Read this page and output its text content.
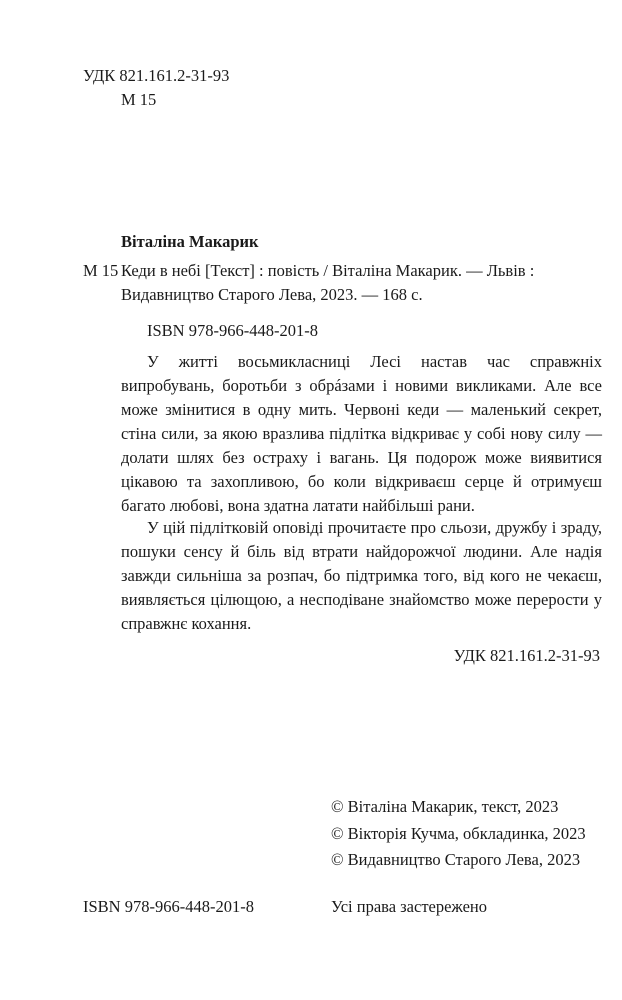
УДК 821.161.2-31-93
М 15
Віталіна Макарик
М 15 Кеди в небі [Текст] : повість / Віталіна Макарик. — Львів :
Видавництво Старого Лева, 2023. — 168 с.
ISBN 978-966-448-201-8

У житті восьмикласниці Лесі настав час справжніх випробувань, боротьби з обрáзами і новими викликами. Але все може змінитися в одну мить. Червоні кеди — маленький секрет, стіна сили, за якою вразлива підлітка відкриває у собі нову силу — долати шлях без остраху і вагань. Ця подорож може виявитися цікавою та захопливою, бо коли відкриваєш серце й отримуєш багато любові, вона здатна латати найбільші рани.

У цій підлітковій оповіді прочитаєте про сльози, дружбу і зраду, пошуки сенсу й біль від втрати найдорожчої людини. Але надія завжди сильніша за розпач, бо підтримка того, від кого не чекаєш, виявляється цілющою, а несподіване знайомство може перерости у справжнє кохання.

УДК 821.161.2-31-93
© Віталіна Макарик, текст, 2023
© Вікторія Кучма, обкладинка, 2023
© Видавництво Старого Лева, 2023
ISBN 978-966-448-201-8	Усі права застережено
